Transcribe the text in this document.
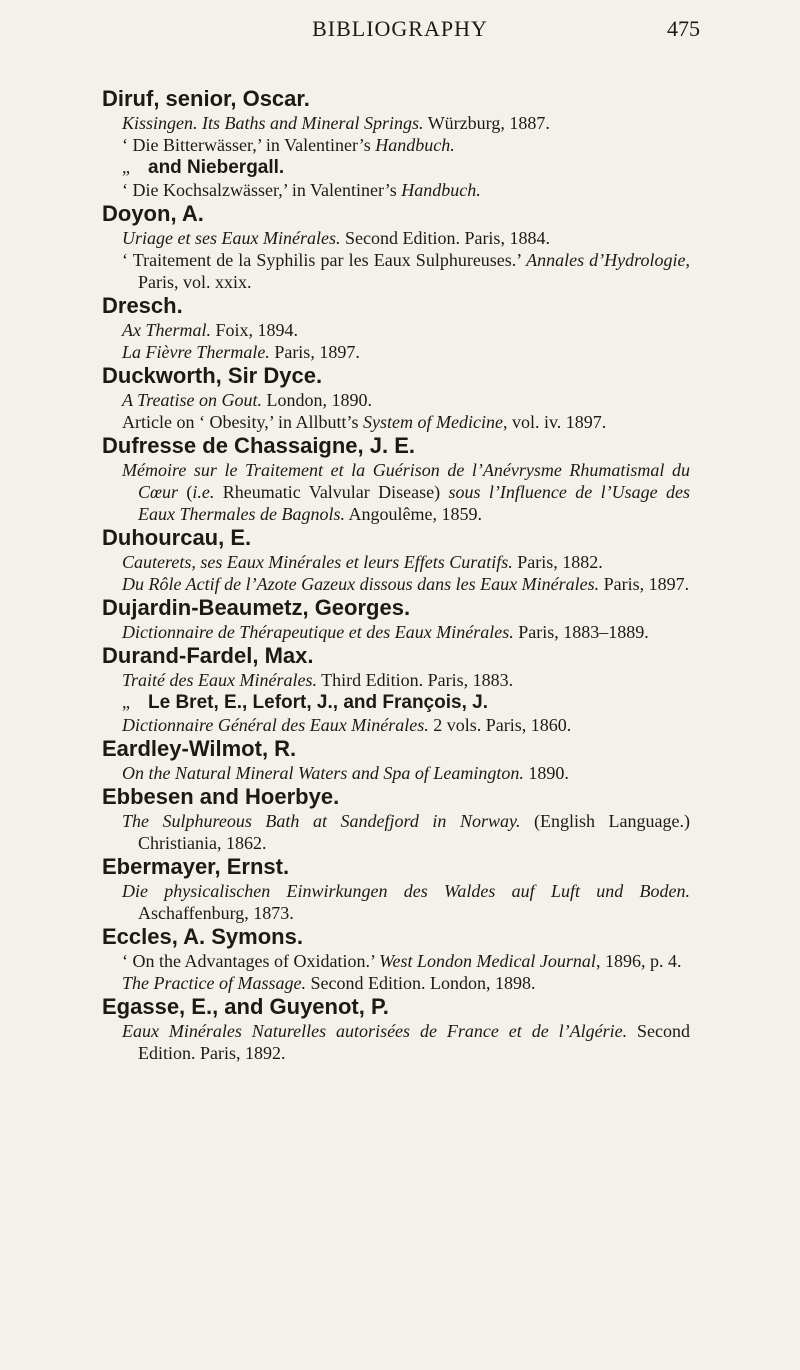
BIBLIOGRAPHY	475
Diruf, senior, Oscar.
Kissingen. Its Baths and Mineral Springs. Würzburg, 1887.
‘ Die Bitterwässer,’ in Valentiner’s Handbuch.
„ and Niebergall.
‘ Die Kochsalzwässer,’ in Valentiner’s Handbuch.
Doyon, A.
Uriage et ses Eaux Minérales. Second Edition. Paris, 1884.
‘ Traitement de la Syphilis par les Eaux Sulphureuses.’ Annales d’Hydrologie, Paris, vol. xxix.
Dresch.
Ax Thermal. Foix, 1894.
La Fièvre Thermale. Paris, 1897.
Duckworth, Sir Dyce.
A Treatise on Gout. London, 1890.
Article on ‘ Obesity,’ in Allbutt’s System of Medicine, vol. iv. 1897.
Dufresse de Chassaigne, J. E.
Mémoire sur le Traitement et la Guérison de l’Anévrysme Rhumatismal du Cœur (i.e. Rheumatic Valvular Disease) sous l’Influence de l’Usage des Eaux Thermales de Bagnols. Angoulême, 1859.
Duhourcau, E.
Cauterets, ses Eaux Minérales et leurs Effets Curatifs. Paris, 1882.
Du Rôle Actif de l’Azote Gazeux dissous dans les Eaux Minérales. Paris, 1897.
Dujardin-Beaumetz, Georges.
Dictionnaire de Thérapeutique et des Eaux Minérales. Paris, 1883–1889.
Durand-Fardel, Max.
Traité des Eaux Minérales. Third Edition. Paris, 1883.
„ Le Bret, E., Lefort, J., and François, J.
Dictionnaire Général des Eaux Minérales. 2 vols. Paris, 1860.
Eardley-Wilmot, R.
On the Natural Mineral Waters and Spa of Leamington. 1890.
Ebbesen and Hoerbye.
The Sulphureous Bath at Sandefjord in Norway. (English Language.) Christiania, 1862.
Ebermayer, Ernst.
Die physicalischen Einwirkungen des Waldes auf Luft und Boden. Aschaffenburg, 1873.
Eccles, A. Symons.
‘ On the Advantages of Oxidation.’ West London Medical Journal, 1896, p. 4.
The Practice of Massage. Second Edition. London, 1898.
Egasse, E., and Guyenot, P.
Eaux Minérales Naturelles autorisées de France et de l’Algérie. Second Edition. Paris, 1892.
